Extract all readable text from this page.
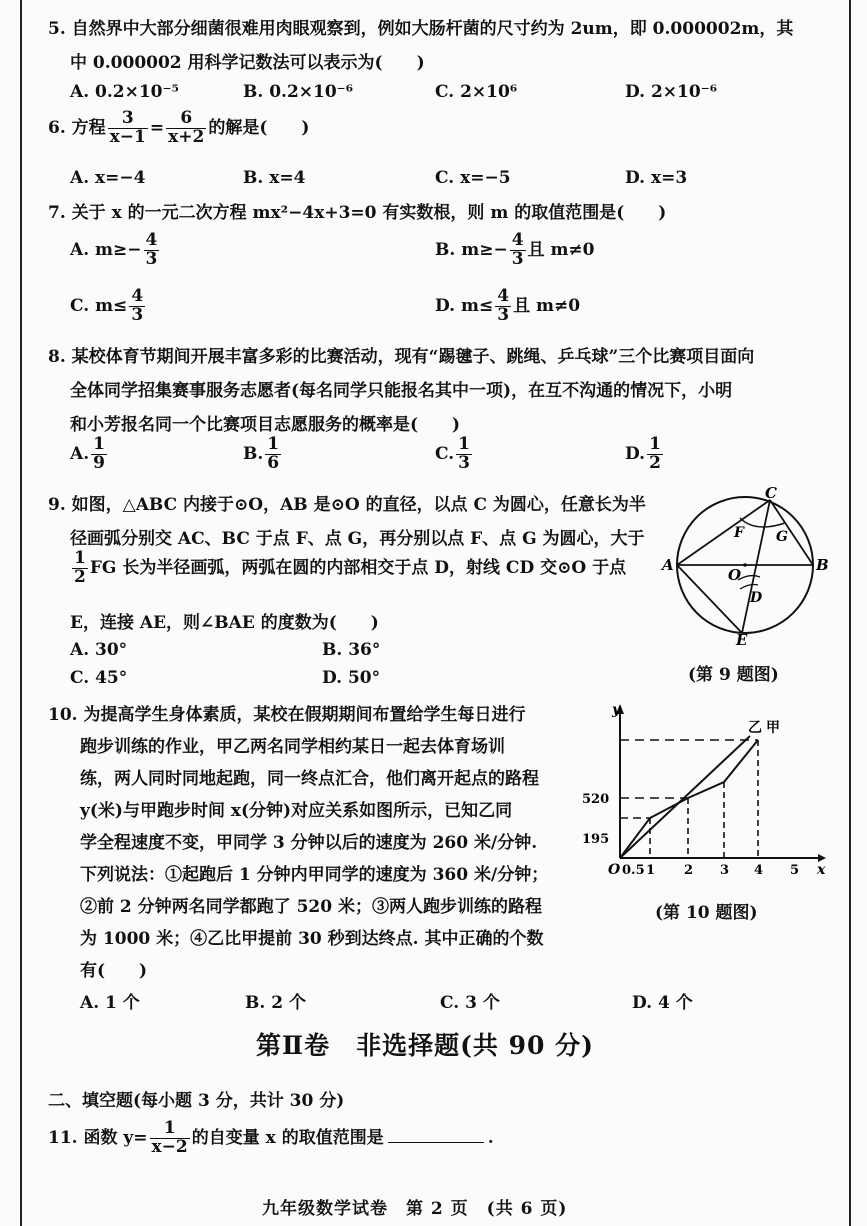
5. 自然界中大部分细菌很难用肉眼观察到，例如大肠杆菌的尺寸约为 2um，即 0.000002m，其
中 0.000002 用科学记数法可以表示为(　　)
A. 0.2×10⁻⁵	B. 0.2×10⁻⁶	C. 2×10⁶	D. 2×10⁻⁶
6. 方程 $\frac{3}{x-1} = \frac{6}{x+2}$ 的解是(　　)
A. x=−4	B. x=4	C. x=−5	D. x=3
7. 关于 x 的一元二次方程 mx²−4x+3=0 有实数根，则 m 的取值范围是(　　)
A. $m\ge- \frac{4}{3}$	B. $m\ge- \frac{4}{3}$ 且 m≠0
C. $m\le \frac{4}{3}$	D. $m\le \frac{4}{3}$ 且 m≠0
8. 某校体育节期间开展丰富多彩的比赛活动，现有“踢毽子、跳绳、乒乓球”三个比赛项目面向
全体同学招集赛事服务志愿者(每名同学只能报名其中一项)，在互不沟通的情况下，小明
和小芳报名同一个比赛项目志愿服务的概率是(　　)
A. $\frac{1}{9}$	B. $\frac{1}{6}$	C. $\frac{1}{3}$	D. $\frac{1}{2}$
9. 如图，△ABC 内接于⊙O，AB 是⊙O 的直径，以点 C 为圆心，任意长为半
径画弧分别交 AC、BC 于点 F、点 G，再分别以点 F、点 G 为圆心，大于
$\frac{1}{2}$ FG 长为半径画弧，两弧在圆的内部相交于点 D，射线 CD 交⊙O 于点
E，连接 AE，则∠BAE 的度数为(　　)
A. 30°	B. 36°
C. 45°	D. 50°
A	B
C
O
F G
D
E
(第 9 题图)
10. 为提高学生身体素质，某校在假期期间布置给学生每日进行
跑步训练的作业，甲乙两名同学相约某日一起去体育场训
练，两人同时同地起跑，同一终点汇合，他们离开起点的路程
y(米)与甲跑步时间 x(分钟)对应关系如图所示，已知乙同
学全程速度不变，甲同学 3 分钟以后的速度为 260 米/分钟.
下列说法：①起跑后 1 分钟内甲同学的速度为 360 米/分钟；
②前 2 分钟两名同学都跑了 520 米；③两人跑步训练的路程
为 1000 米；④乙比甲提前 30 秒到达终点. 其中正确的个数
有(　　)
A. 1 个	B. 2 个	C. 3 个	D. 4 个
y
x
O 0.5 1 2 3 4 5
520
195
乙 甲
(第 10 题图)
第Ⅱ卷　非选择题(共 90 分)
二、填空题(每小题 3 分，共计 30 分)
11. 函数 $y= \frac{1}{x-2}$ 的自变量 x 的取值范围是	.
九年级数学试卷　第 2 页　(共 6 页)
